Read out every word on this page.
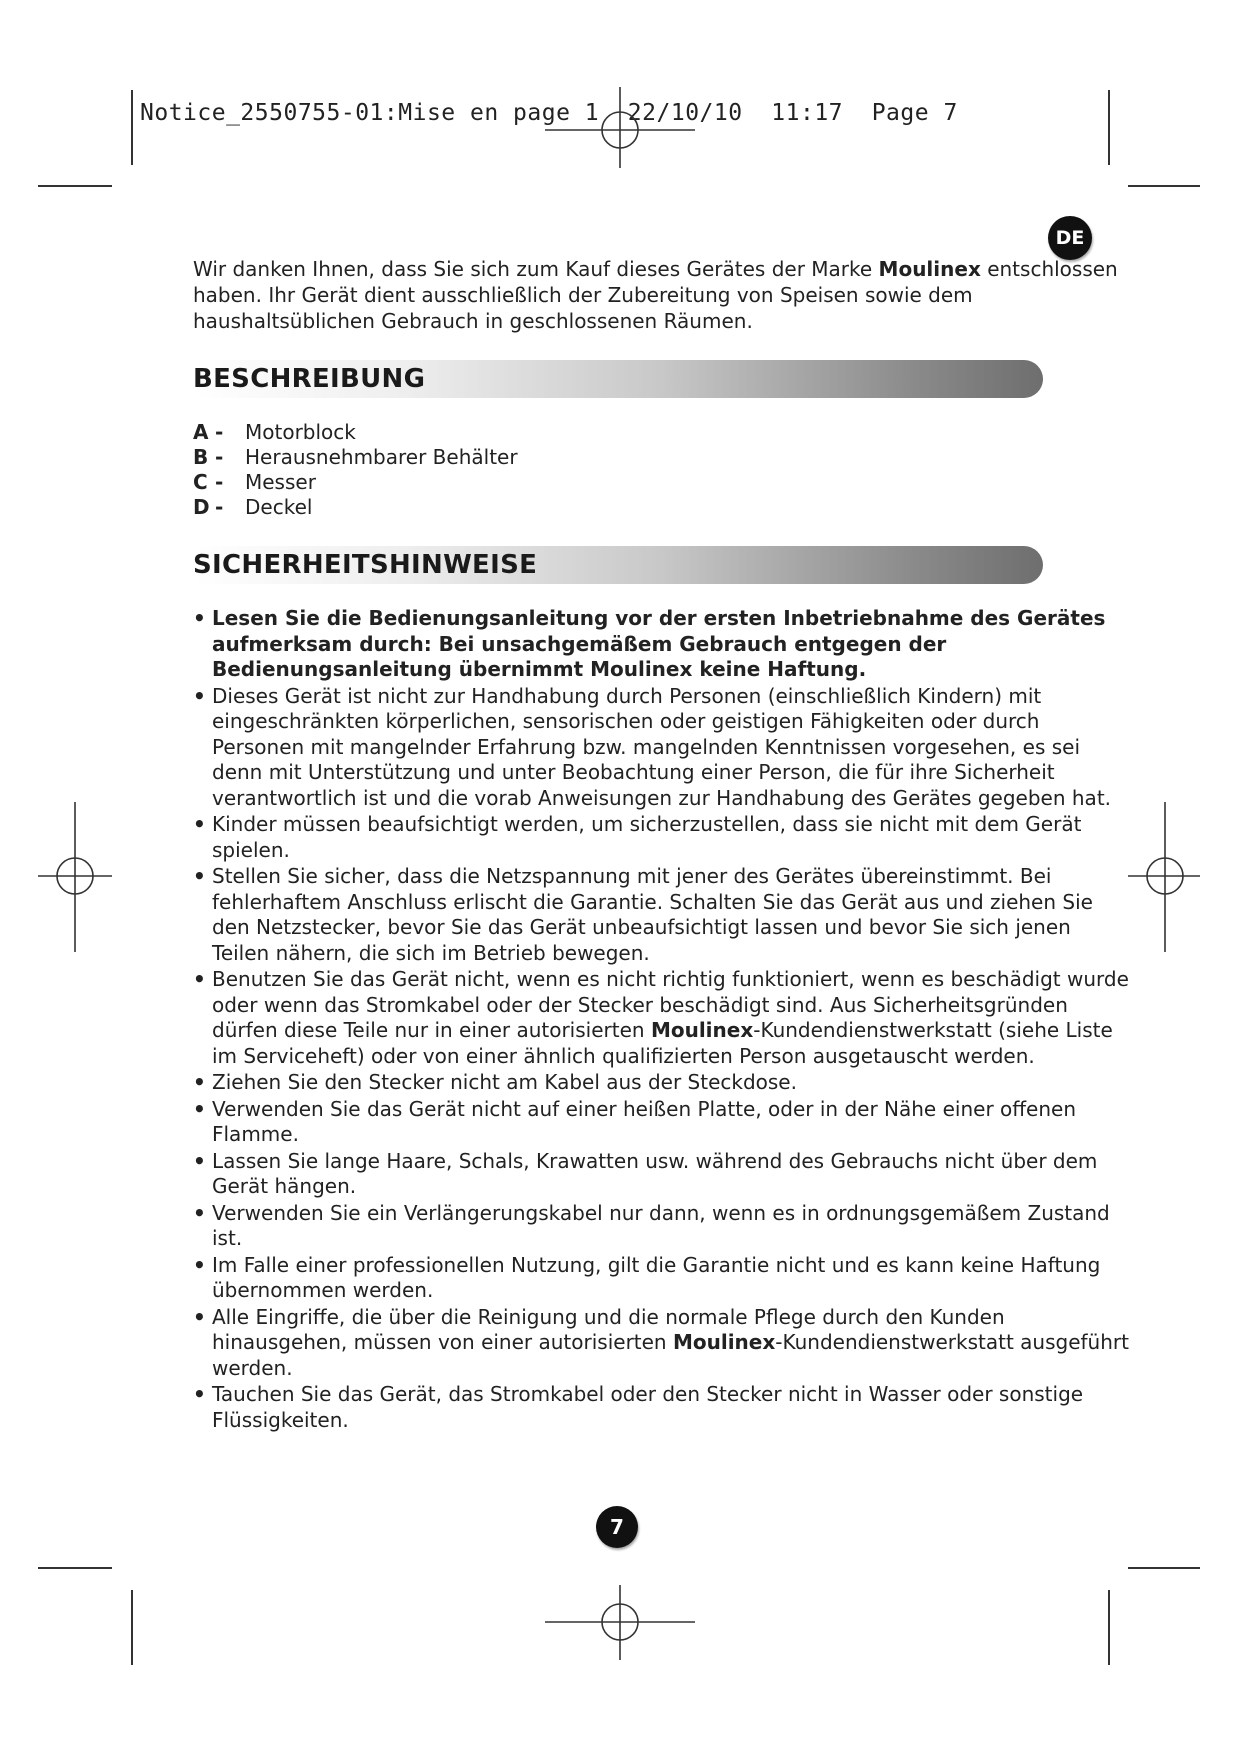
Notice_2550755-01:Mise en page 1  22/10/10  11:17  Page 7
DE

Wir danken Ihnen, dass Sie sich zum Kauf dieses Gerätes der Marke Moulinex entschlossen haben. Ihr Gerät dient ausschließlich der Zubereitung von Speisen sowie dem haushaltsüblichen Gebrauch in geschlossenen Räumen.

BESCHREIBUNG
A - Motorblock
B - Herausnehmbarer Behälter
C - Messer
D - Deckel
SICHERHEITSHINWEISE
• Lesen Sie die Bedienungsanleitung vor der ersten Inbetriebnahme des Gerätes aufmerksam durch: Bei unsachgemäßem Gebrauch entgegen der Bedienungsanleitung übernimmt Moulinex keine Haftung.
• Dieses Gerät ist nicht zur Handhabung durch Personen (einschließlich Kindern) mit eingeschränkten körperlichen, sensorischen oder geistigen Fähigkeiten oder durch Personen mit mangelnder Erfahrung bzw. mangelnden Kenntnissen vorgesehen, es sei denn mit Unterstützung und unter Beobachtung einer Person, die für ihre Sicherheit verantwortlich ist und die vorab Anweisungen zur Handhabung des Gerätes gegeben hat.
• Kinder müssen beaufsichtigt werden, um sicherzustellen, dass sie nicht mit dem Gerät spielen.
• Stellen Sie sicher, dass die Netzspannung mit jener des Gerätes übereinstimmt. Bei fehlerhaftem Anschluss erlischt die Garantie. Schalten Sie das Gerät aus und ziehen Sie den Netzstecker, bevor Sie das Gerät unbeaufsichtigt lassen und bevor Sie sich jenen Teilen nähern, die sich im Betrieb bewegen.
• Benutzen Sie das Gerät nicht, wenn es nicht richtig funktioniert, wenn es beschädigt wurde oder wenn das Stromkabel oder der Stecker beschädigt sind. Aus Sicherheitsgründen dürfen diese Teile nur in einer autorisierten Moulinex-Kundendienstwerkstatt (siehe Liste im Serviceheft) oder von einer ähnlich qualifizierten Person ausgetauscht werden.
• Ziehen Sie den Stecker nicht am Kabel aus der Steckdose.
• Verwenden Sie das Gerät nicht auf einer heißen Platte, oder in der Nähe einer offenen Flamme.
• Lassen Sie lange Haare, Schals, Krawatten usw. während des Gebrauchs nicht über dem Gerät hängen.
• Verwenden Sie ein Verlängerungskabel nur dann, wenn es in ordnungsgemäßem Zustand ist.
• Im Falle einer professionellen Nutzung, gilt die Garantie nicht und es kann keine Haftung übernommen werden.
• Alle Eingriffe, die über die Reinigung und die normale Pflege durch den Kunden hinausgehen, müssen von einer autorisierten Moulinex-Kundendienstwerkstatt ausgeführt werden.
• Tauchen Sie das Gerät, das Stromkabel oder den Stecker nicht in Wasser oder sonstige Flüssigkeiten.
7
